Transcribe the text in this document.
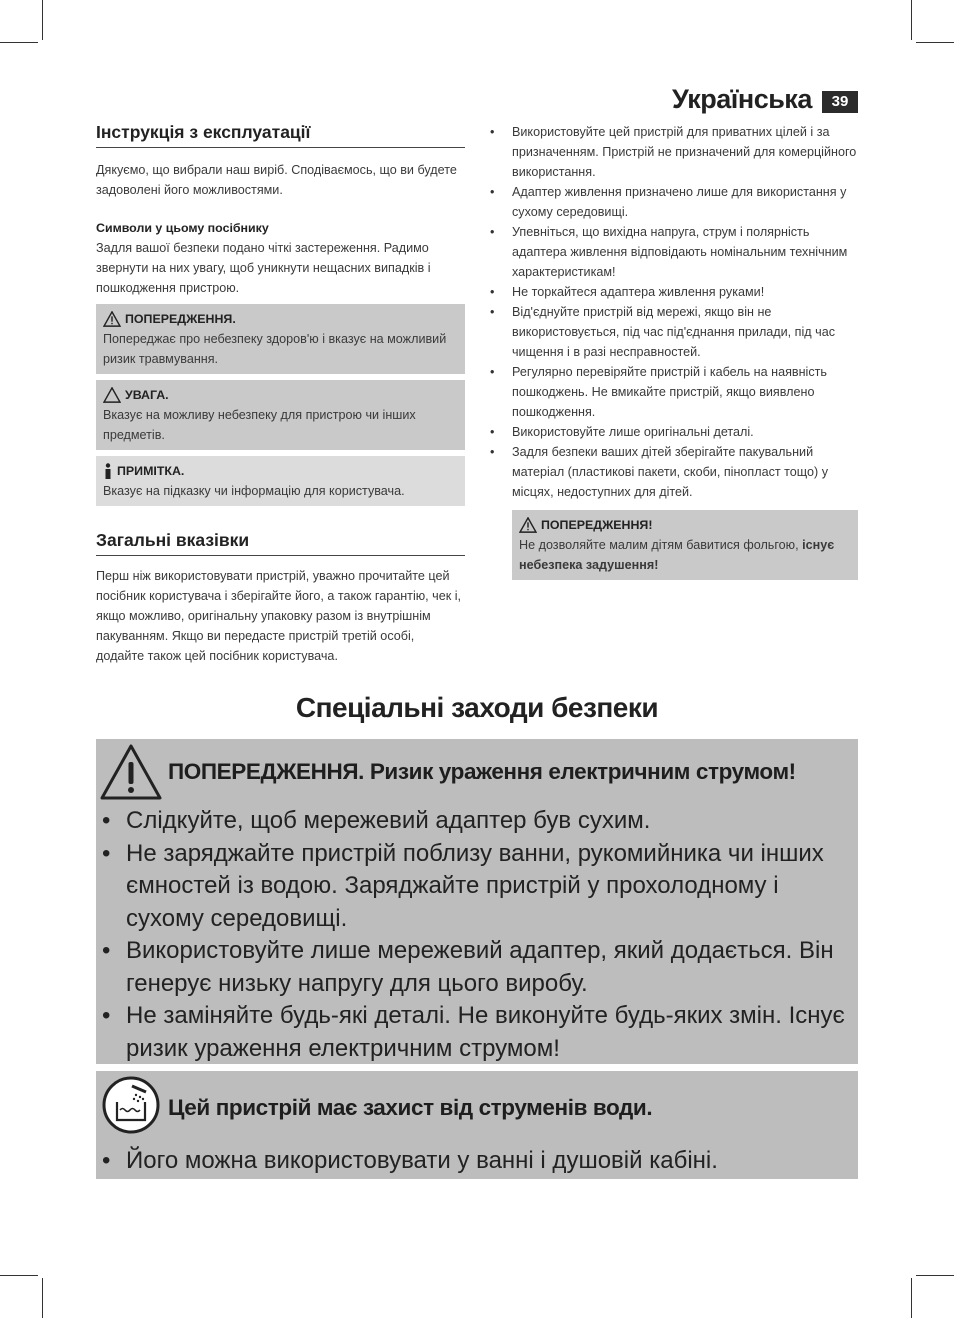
Українська	39
Інструкція з експлуатації

Дякуємо, що вибрали наш виріб. Сподіваємось, що ви будете задоволені його можливостями.

Символи у цьому посібнику

Задля вашої безпеки подано чіткі застереження. Радимо звернути на них увагу, щоб уникнути нещасних випадків і пошкодження пристрою.

ПОПЕРЕДЖЕННЯ.

Попереджає про небезпеку здоров'ю і вказує на можливий ризик травмування.

УВАГА.

Вказує на можливу небезпеку для пристрою чи інших предметів.

ПРИМІТКА.

Вказує на підказку чи інформацію для користувача.

Загальні вказівки

Перш ніж використовувати пристрій, уважно прочитайте цей посібник користувача і зберігайте його, а також гарантію, чек і, якщо можливо, оригінальну упаковку разом із внутрішнім пакуванням. Якщо ви передасте пристрій третій особі, додайте також цей посібник користувача.

• Використовуйте цей пристрій для приватних цілей і за призначенням. Пристрій не призначений для комерційного використання.
• Адаптер живлення призначено лише для використання у сухому середовищі.
• Упевніться, що вихідна напруга, струм і полярність адаптера живлення відповідають номінальним технічним характеристикам!
• Не торкайтеся адаптера живлення руками!
• Від'єднуйте пристрій від мережі, якщо він не використовується, під час під'єднання прилади, під час чищення і в разі несправностей.
• Регулярно перевіряйте пристрій і кабель на наявність пошкоджень. Не вмикайте пристрій, якщо виявлено пошкодження.
• Використовуйте лише оригінальні деталі.
• Задля безпеки ваших дітей зберігайте пакувальний матеріал (пластикові пакети, скоби, пінопласт тощо) у місцях, недоступних для дітей.
ПОПЕРЕДЖЕННЯ!

Не дозволяйте малим дітям бавитися фольгою, існує небезпека задушення!

Спеціальні заходи безпеки
ПОПЕРЕДЖЕННЯ. Ризик ураження електричним струмом!
• Слідкуйте, щоб мережевий адаптер був сухим.
• Не заряджайте пристрій поблизу ванни, рукомийника чи інших ємностей із водою. Заряджайте пристрій у прохолодному і сухому середовищі.
• Використовуйте лише мережевий адаптер, який додається. Він генерує низьку напругу для цього виробу.
• Не заміняйте будь-які деталі. Не виконуйте будь-яких змін. Існує ризик ураження електричним струмом!
Цей пристрій має захист від струменів води.
• Його можна використовувати у ванні і душовій кабіні.
